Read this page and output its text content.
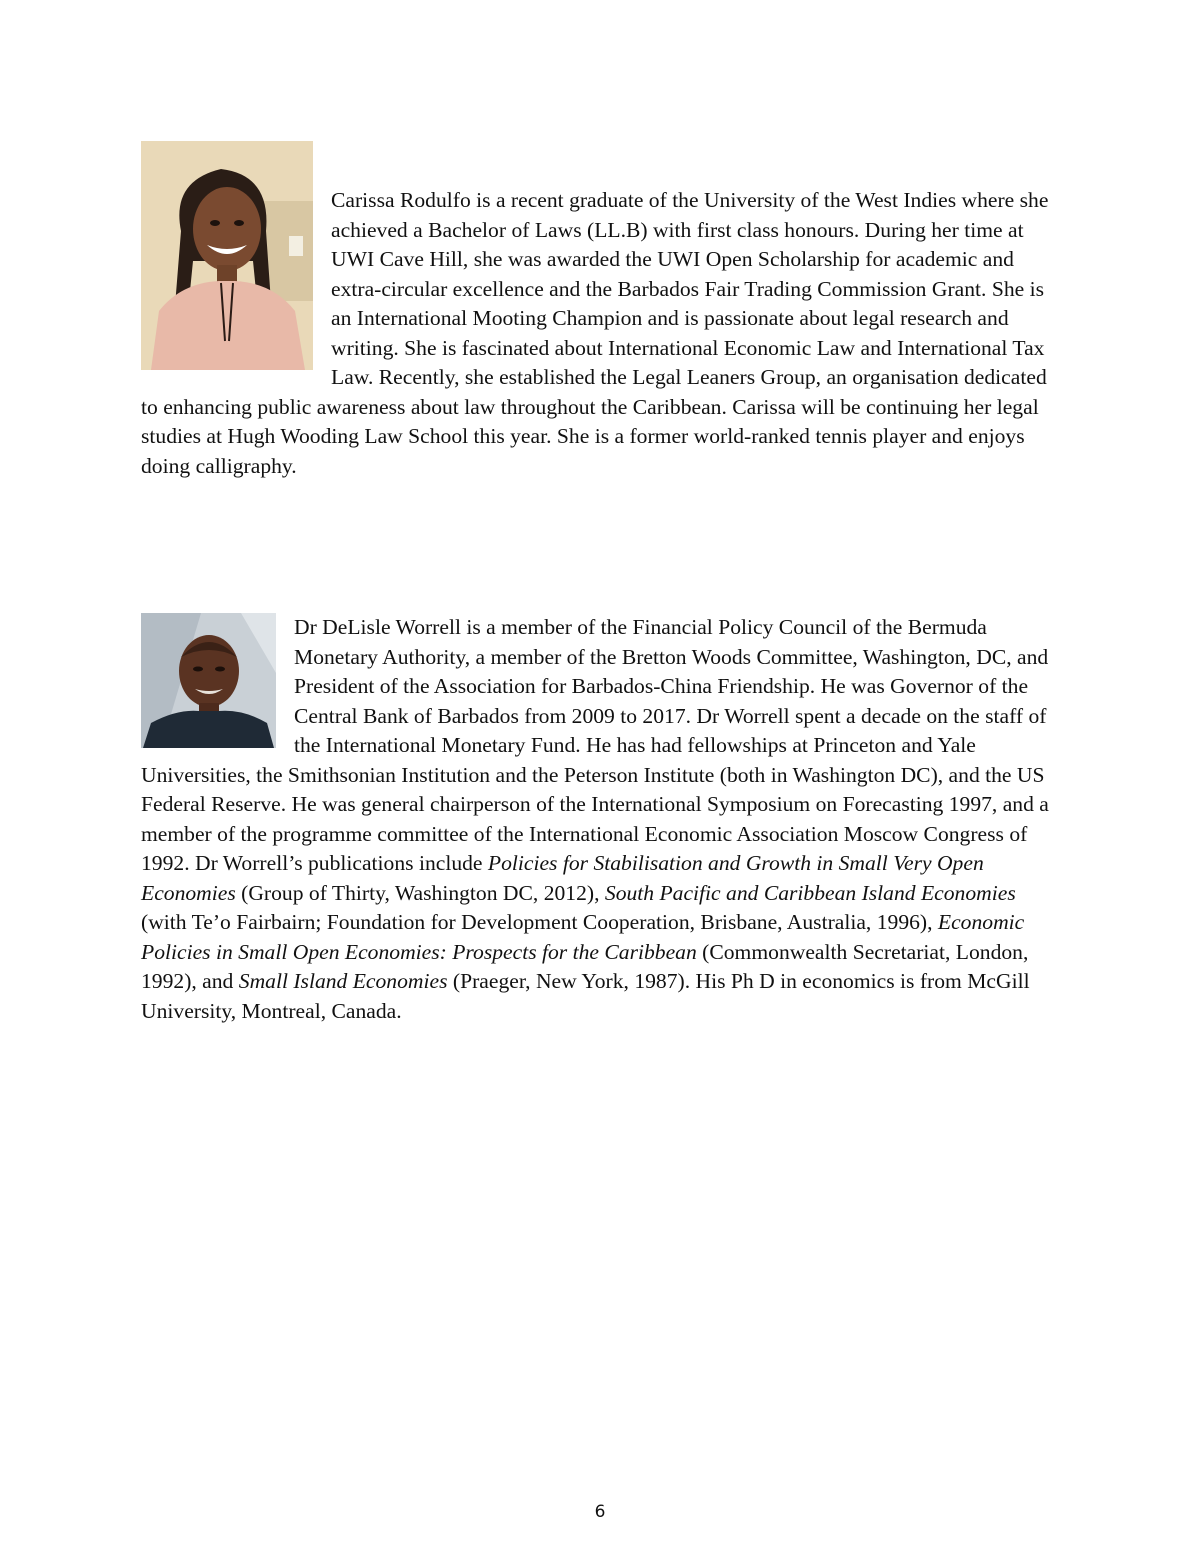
Carissa Rodulfo is a recent graduate of the University of the West Indies where she achieved a Bachelor of Laws (LL.B) with first class honours. During her time at UWI Cave Hill, she was awarded the UWI Open Scholarship for academic and extra-circular excellence and the Barbados Fair Trading Commission Grant. She is an International Mooting Champion and is passionate about legal research and writing. She is fascinated about International Economic Law and International Tax Law. Recently, she established the Legal Leaners Group, an organisation dedicated to enhancing public awareness about law throughout the Caribbean. Carissa will be continuing her legal studies at Hugh Wooding Law School this year. She is a former world-ranked tennis player and enjoys doing calligraphy.

Dr DeLisle Worrell is a member of the Financial Policy Council of the Bermuda Monetary Authority, a member of the Bretton Woods Committee, Washington, DC, and President of the Association for Barbados-China Friendship. He was Governor of the Central Bank of Barbados from 2009 to 2017. Dr Worrell spent a decade on the staff of the International Monetary Fund. He has had fellowships at Princeton and Yale Universities, the Smithsonian Institution and the Peterson Institute (both in Washington DC), and the US Federal Reserve. He was general chairperson of the International Symposium on Forecasting 1997, and a member of the programme committee of the International Economic Association Moscow Congress of 1992. Dr Worrell’s publications include Policies for Stabilisation and Growth in Small Very Open Economies (Group of Thirty, Washington DC, 2012), South Pacific and Caribbean Island Economies (with Te’o Fairbairn; Foundation for Development Cooperation, Brisbane, Australia, 1996), Economic Policies in Small Open Economies: Prospects for the Caribbean (Commonwealth Secretariat, London, 1992), and Small Island Economies (Praeger, New York, 1987). His Ph D in economics is from McGill University, Montreal, Canada.

6
